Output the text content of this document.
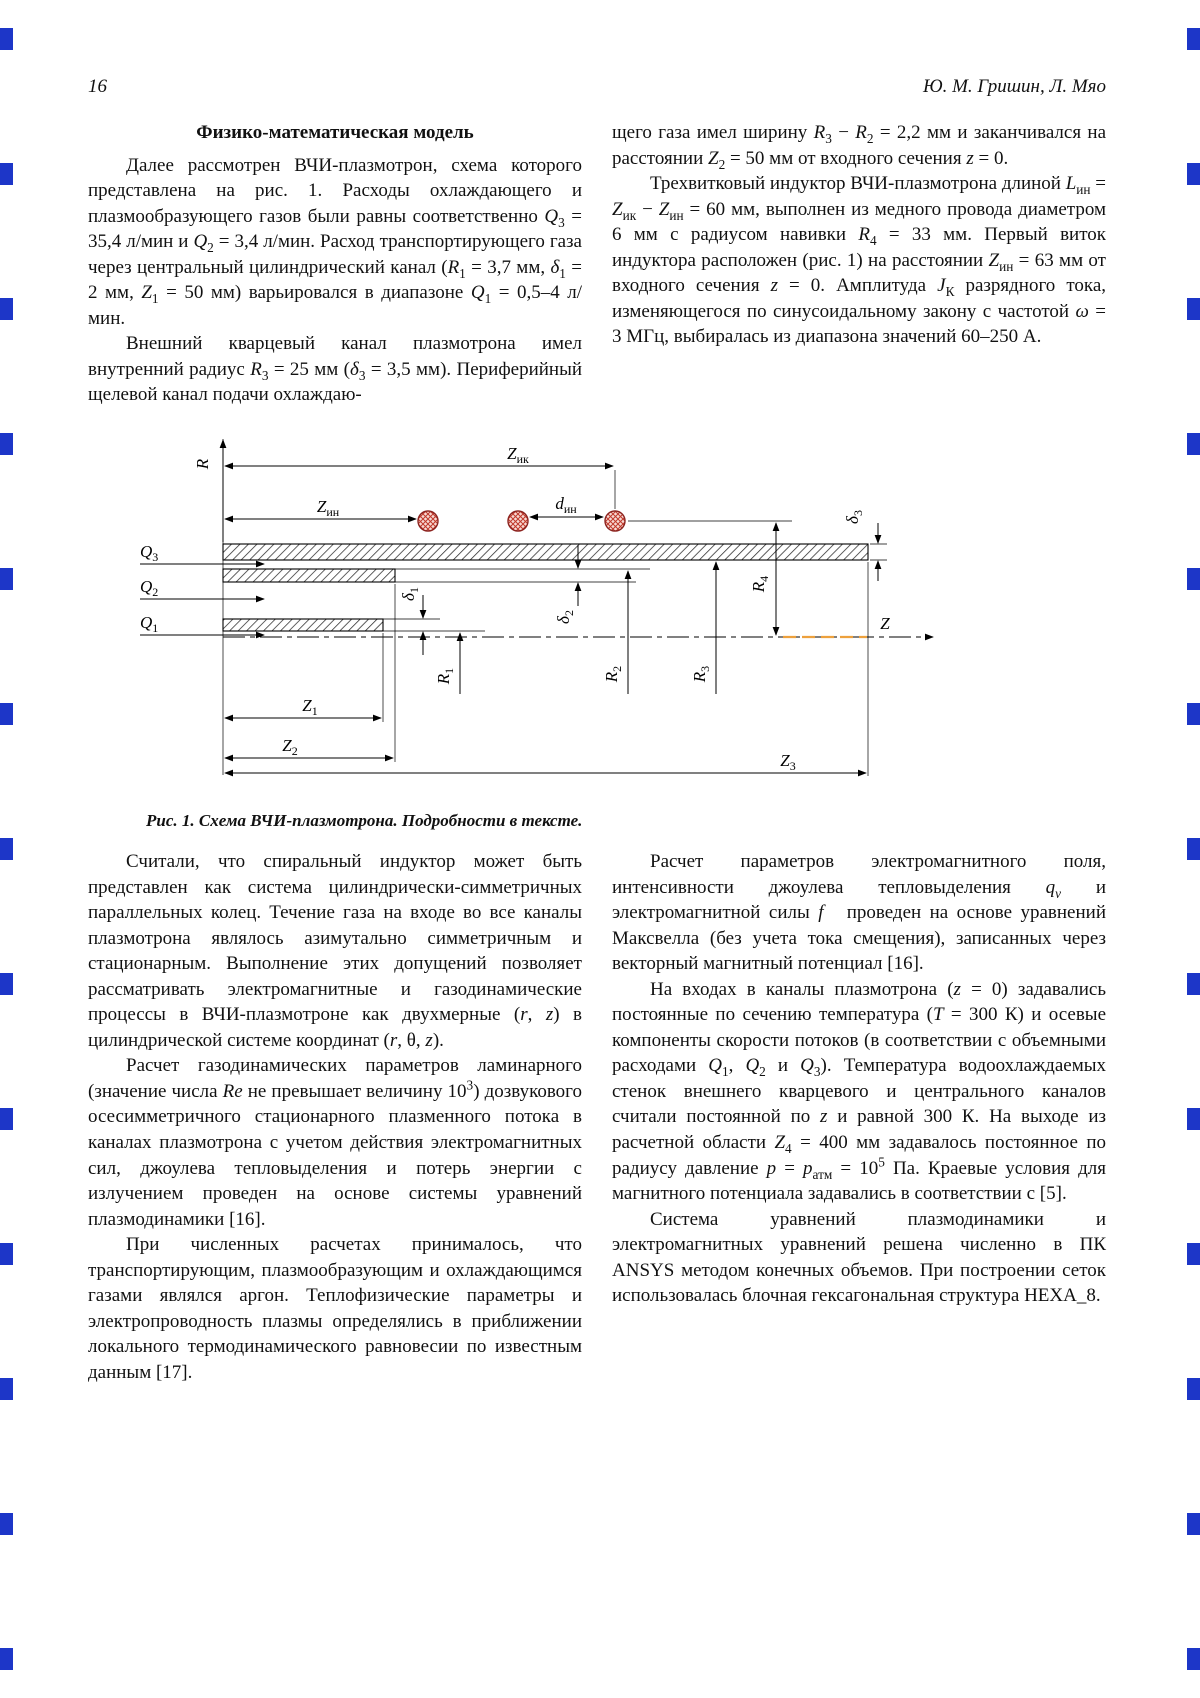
16	Ю. М. Гришин, Л. Мяо
Физико-математическая модель

Далее рассмотрен ВЧИ-плазмотрон, схема которого представлена на рис. 1. Расходы охлаждающего и плазмообразующего газов были равны соответственно $Q_3 = 35,4$ л/мин и $Q_2 = 3,4$ л/мин. Расход транспортирующего газа через центральный цилиндрический канал ($R_1 = 3,7$ мм, $\delta_1 = 2$ мм, $Z_1 = 50$ мм) варьировался в диапазоне $Q_1 = 0,5-4$ л/мин.

Внешний кварцевый канал плазмотрона имел внутренний радиус $R_3 = 25$ мм ($\delta_3 = 3,5$ мм). Периферийный щелевой канал подачи охлаждаю-

щего газа имел ширину $R_3 - R_2 = 2,2$ мм и заканчивался на расстоянии $Z_2 = 50$ мм от входного сечения z = 0.

Трехвитковый индуктор ВЧИ-плазмотрона длиной $L_{ин} = Z_{ик} - Z_{ин} = 60$ мм, выполнен из медного провода диаметром 6 мм с радиусом навивки $R_4 = 33$ мм. Первый виток индуктора расположен (рис. 1) на расстоянии $Z_{ин} = 63$ мм от входного сечения z = 0. Амплитуда $J_К$ разрядного тока, изменяющегося по синусоидальному закону с частотой ω = 3 МГц, выбиралась из диапазона значений 60–250 А.

R
Z
$Z_{ик}$
$Z_{ин}$	$d_{ин}$
$Q_3$
$Q_2$
$Q_1$
$\delta_3$
$\delta_1$
$\delta_2$
$R_4$
$R_1$
$R_2$
$R_3$
$Z_1$
$Z_2$	$Z_3$
Рис. 1. Схема ВЧИ-плазмотрона. Подробности в тексте.

Считали, что спиральный индуктор может быть представлен как система цилиндрически-симметричных параллельных колец. Течение газа на входе во все каналы плазмотрона являлось азимутально симметричным и стационарным. Выполнение этих допущений позволяет рассматривать электромагнитные и газодинамические процессы в ВЧИ-плазмотроне как двухмерные (r, z) в цилиндрической системе координат (r, θ, z).

Расчет газодинамических параметров ламинарного (значение числа Re не превышает величину $10^3$) дозвукового осесимметричного стационарного плазменного потока в каналах плазмотрона с учетом действия электромагнитных сил, джоулева тепловыделения и потерь энергии с излучением проведен на основе системы уравнений плазмодинамики [16].

При численных расчетах принималось, что транспортирующим, плазмообразующим и охлаждающимся газами являлся аргон. Теплофизические параметры и электропроводность плазмы определялись в приближении локального термодинамического равновесии по известным данным [17].

Расчет параметров электромагнитного поля, интенсивности джоулева тепловыделения $q_v$ и электромагнитной силы f⃗ проведен на основе уравнений Максвелла (без учета тока смещения), записанных через векторный магнитный потенциал [16].

На входах в каналы плазмотрона (z = 0) задавались постоянные по сечению температура (T = 300 К) и осевые компоненты скорости потоков (в соответствии с объемными расходами $Q_1$, $Q_2$ и $Q_3$). Температура водоохлаждаемых стенок внешнего кварцевого и центрального каналов считали постоянной по z и равной 300 К. На выходе из расчетной области $Z_4 = 400$ мм задавалось постоянное по радиусу давление $p = p_{атм} = 10^5$ Па. Краевые условия для магнитного потенциала задавались в соответствии с [5].

Система уравнений плазмодинамики и электромагнитных уравнений решена численно в ПК ANSYS методом конечных объемов. При построении сеток использовалась блочная гексагональная структура HEXA_8.
